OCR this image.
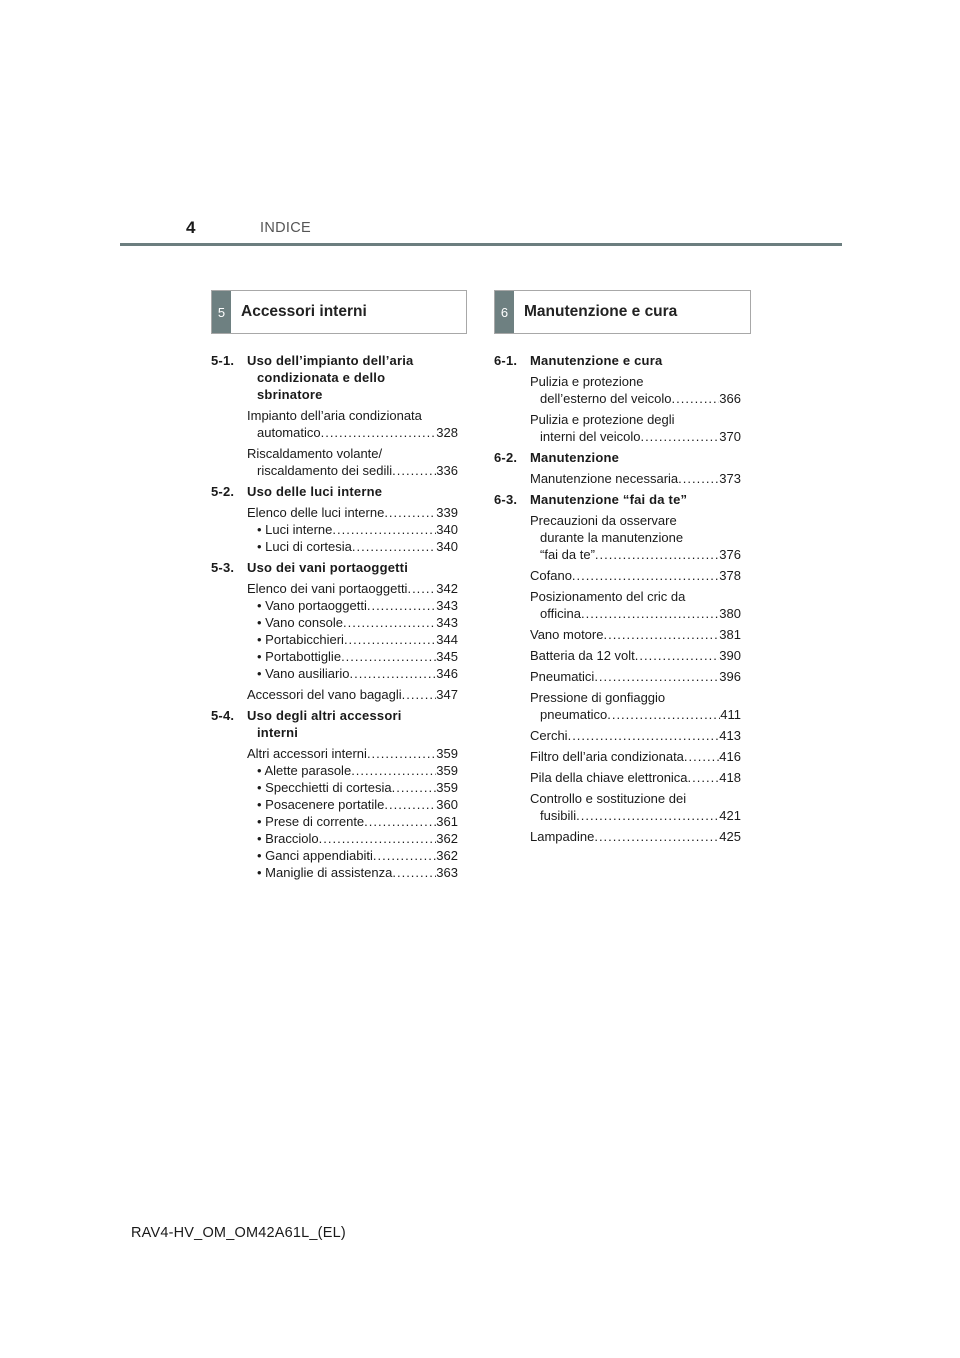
4	INDICE
5	Accessori interni	6	Manutenzione e cura
5-1. Uso dell’impianto dell’aria
condizionata e dello
sbrinatore
Impianto dell’aria condizionata
automatico .....	328
Riscaldamento volante/
riscaldamento dei sedili .....	336
5-2. Uso delle luci interne
Elenco delle luci interne .....	339
• Luci interne .....	340
• Luci di cortesia .....	340
5-3. Uso dei vani portaoggetti
Elenco dei vani portaoggetti ..... 342
• Vano portaoggetti .....	343
• Vano console .....	343
• Portabicchieri .....	344
• Portabottiglie .....	345
• Vano ausiliario .....	346
Accessori del vano bagagli .....	347
5-4. Uso degli altri accessori
interni
Altri accessori interni .....	359
• Alette parasole .....	359
• Specchietti di cortesia .....	359
• Posacenere portatile .....	360
• Prese di corrente .....	361
• Bracciolo .....	362
• Ganci appendiabiti .....	362
• Maniglie di assistenza .....	363
6-1. Manutenzione e cura
Pulizia e protezione
dell’esterno del veicolo .....	366
Pulizia e protezione degli
interni del veicolo .....	370
6-2. Manutenzione
Manutenzione necessaria .....	373
6-3. Manutenzione “fai da te”
Precauzioni da osservare
durante la manutenzione
“fai da te” .....	376
Cofano .....	378
Posizionamento del cric da
officina .....	380
Vano motore .....	381
Batteria da 12 volt .....	390
Pneumatici .....	396
Pressione di gonfiaggio
pneumatico .....	411
Cerchi .....	413
Filtro dell’aria condizionata .....	416
Pila della chiave elettronica ..... 418
Controllo e sostituzione dei
fusibili .....	421
Lampadine .....	425
RAV4-HV_OM_OM42A61L_(EL)
